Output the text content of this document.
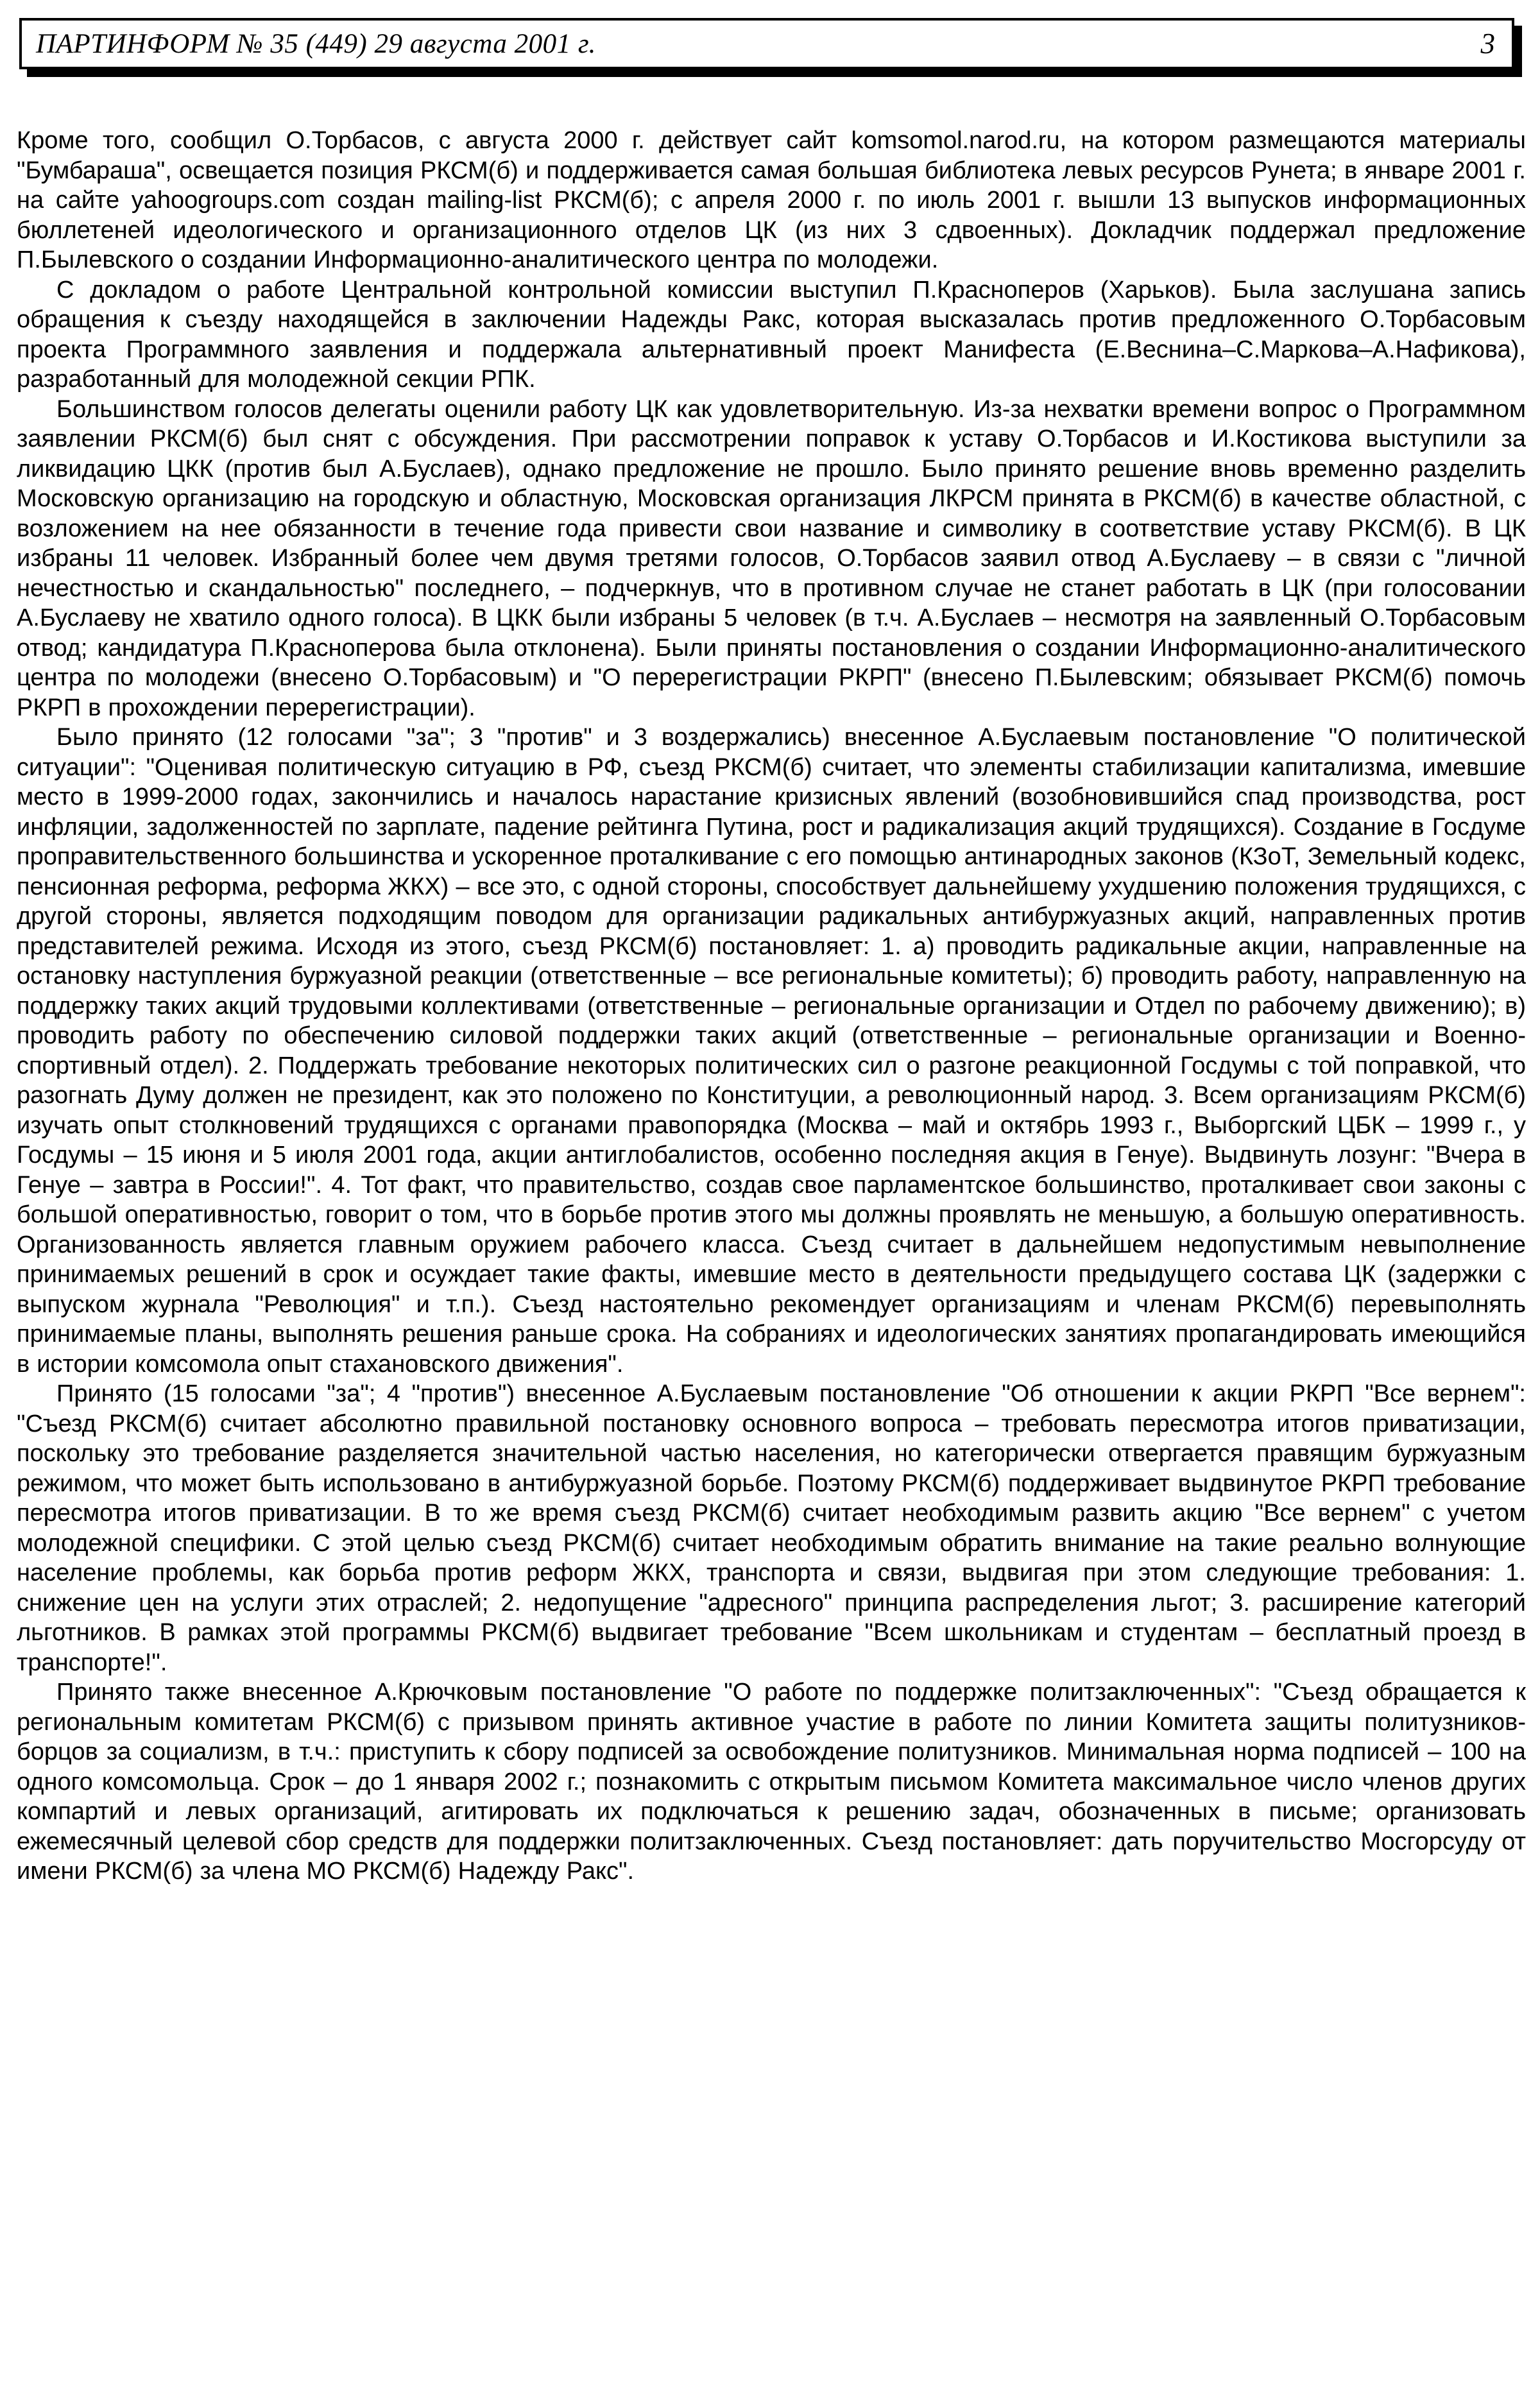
ПАРТИНФОРМ № 35 (449) 29 августа 2001 г.	3

Кроме того, сообщил О.Торбасов, с августа 2000 г. действует сайт komsomol.narod.ru, на котором размещаются материалы "Бумбараша", освещается позиция РКСМ(б) и поддерживается самая большая библиотека левых ресурсов Рунета; в январе 2001 г. на сайте yahoogroups.com создан mailing-list РКСМ(б); с апреля 2000 г. по июль 2001 г. вышли 13 выпусков информационных бюллетеней идеологического и организационного отделов ЦК (из них 3 сдвоенных). Докладчик поддержал предложение П.Былевского о создании Информационно-аналитического центра по молодежи.

С докладом о работе Центральной контрольной комиссии выступил П.Красноперов (Харьков). Была заслушана запись обращения к съезду находящейся в заключении Надежды Ракс, которая высказалась против предложенного О.Торбасовым проекта Программного заявления и поддержала альтернативный проект Манифеста (Е.Веснина–С.Маркова–А.Нафикова), разработанный для молодежной секции РПК.

Большинством голосов делегаты оценили работу ЦК как удовлетворительную. Из-за нехватки времени вопрос о Программном заявлении РКСМ(б) был снят с обсуждения. При рассмотрении поправок к уставу О.Торбасов и И.Костикова выступили за ликвидацию ЦКК (против был А.Буслаев), однако предложение не прошло. Было принято решение вновь временно разделить Московскую организацию на городскую и областную, Московская организация ЛКРСМ принята в РКСМ(б) в качестве областной, с возложением на нее обязанности в течение года привести свои название и символику в соответствие уставу РКСМ(б). В ЦК избраны 11 человек. Избранный более чем двумя третями голосов, О.Торбасов заявил отвод А.Буслаеву – в связи с "личной нечестностью и скандальностью" последнего, – подчеркнув, что в противном случае не станет работать в ЦК (при голосовании А.Буслаеву не хватило одного голоса). В ЦКК были избраны 5 человек (в т.ч. А.Буслаев – несмотря на заявленный О.Торбасовым отвод; кандидатура П.Красноперова была отклонена). Были приняты постановления о создании Информационно-аналитического центра по молодежи (внесено О.Торбасовым) и "О перерегистрации РКРП" (внесено П.Былевским; обязывает РКСМ(б) помочь РКРП в прохождении перерегистрации).

Было принято (12 голосами "за"; 3 "против" и 3 воздержались) внесенное А.Буслаевым постановление "О политической ситуации": "Оценивая политическую ситуацию в РФ, съезд РКСМ(б) считает, что элементы стабилизации капитализма, имевшие место в 1999-2000 годах, закончились и началось нарастание кризисных явлений (возобновившийся спад производства, рост инфляции, задолженностей по зарплате, падение рейтинга Путина, рост и радикализация акций трудящихся). Создание в Госдуме проправительственного большинства и ускоренное проталкивание с его помощью антинародных законов (КЗоТ, Земельный кодекс, пенсионная реформа, реформа ЖКХ) – все это, с одной стороны, способствует дальнейшему ухудшению положения трудящихся, с другой стороны, является подходящим поводом для организации радикальных антибуржуазных акций, направленных против представителей режима. Исходя из этого, съезд РКСМ(б) постановляет: 1. а) проводить радикальные акции, направленные на остановку наступления буржуазной реакции (ответственные – все региональные комитеты); б) проводить работу, направленную на поддержку таких акций трудовыми коллективами (ответственные – региональные организации и Отдел по рабочему движению); в) проводить работу по обеспечению силовой поддержки таких акций (ответственные – региональные организации и Военно-спортивный отдел). 2. Поддержать требование некоторых политических сил о разгоне реакционной Госдумы с той поправкой, что разогнать Думу должен не президент, как это положено по Конституции, а революционный народ. 3. Всем организациям РКСМ(б) изучать опыт столкновений трудящихся с органами правопорядка (Москва – май и октябрь 1993 г., Выборгский ЦБК – 1999 г., у Госдумы – 15 июня и 5 июля 2001 года, акции антиглобалистов, особенно последняя акция в Генуе). Выдвинуть лозунг: "Вчера в Генуе – завтра в России!". 4. Тот факт, что правительство, создав свое парламентское большинство, проталкивает свои законы с большой оперативностью, говорит о том, что в борьбе против этого мы должны проявлять не меньшую, а большую оперативность. Организованность является главным оружием рабочего класса. Съезд считает в дальнейшем недопустимым невыполнение принимаемых решений в срок и осуждает такие факты, имевшие место в деятельности предыдущего состава ЦК (задержки с выпуском журнала "Революция" и т.п.). Съезд настоятельно рекомендует организациям и членам РКСМ(б) перевыполнять принимаемые планы, выполнять решения раньше срока. На собраниях и идеологических занятиях пропагандировать имеющийся в истории комсомола опыт стахановского движения".

Принято (15 голосами "за"; 4 "против") внесенное А.Буслаевым постановление "Об отношении к акции РКРП "Все вернем": "Съезд РКСМ(б) считает абсолютно правильной постановку основного вопроса – требовать пересмотра итогов приватизации, поскольку это требование разделяется значительной частью населения, но категорически отвергается правящим буржуазным режимом, что может быть использовано в антибуржуазной борьбе. Поэтому РКСМ(б) поддерживает выдвинутое РКРП требование пересмотра итогов приватизации. В то же время съезд РКСМ(б) считает необходимым развить акцию "Все вернем" с учетом молодежной специфики. С этой целью съезд РКСМ(б) считает необходимым обратить внимание на такие реально волнующие население проблемы, как борьба против реформ ЖКХ, транспорта и связи, выдвигая при этом следующие требования: 1. снижение цен на услуги этих отраслей; 2. недопущение "адресного" принципа распределения льгот; 3. расширение категорий льготников. В рамках этой программы РКСМ(б) выдвигает требование "Всем школьникам и студентам – бесплатный проезд в транспорте!".

Принято также внесенное А.Крючковым постановление "О работе по поддержке политзаключенных": "Съезд обращается к региональным комитетам РКСМ(б) с призывом принять активное участие в работе по линии Комитета защиты политузников-борцов за социализм, в т.ч.: приступить к сбору подписей за освобождение политузников. Минимальная норма подписей – 100 на одного комсомольца. Срок – до 1 января 2002 г.; познакомить с открытым письмом Комитета максимальное число членов других компартий и левых организаций, агитировать их подключаться к решению задач, обозначенных в письме; организовать ежемесячный целевой сбор средств для поддержки политзаключенных. Съезд постановляет: дать поручительство Мосгорсуду от имени РКСМ(б) за члена МО РКСМ(б) Надежду Ракс".
